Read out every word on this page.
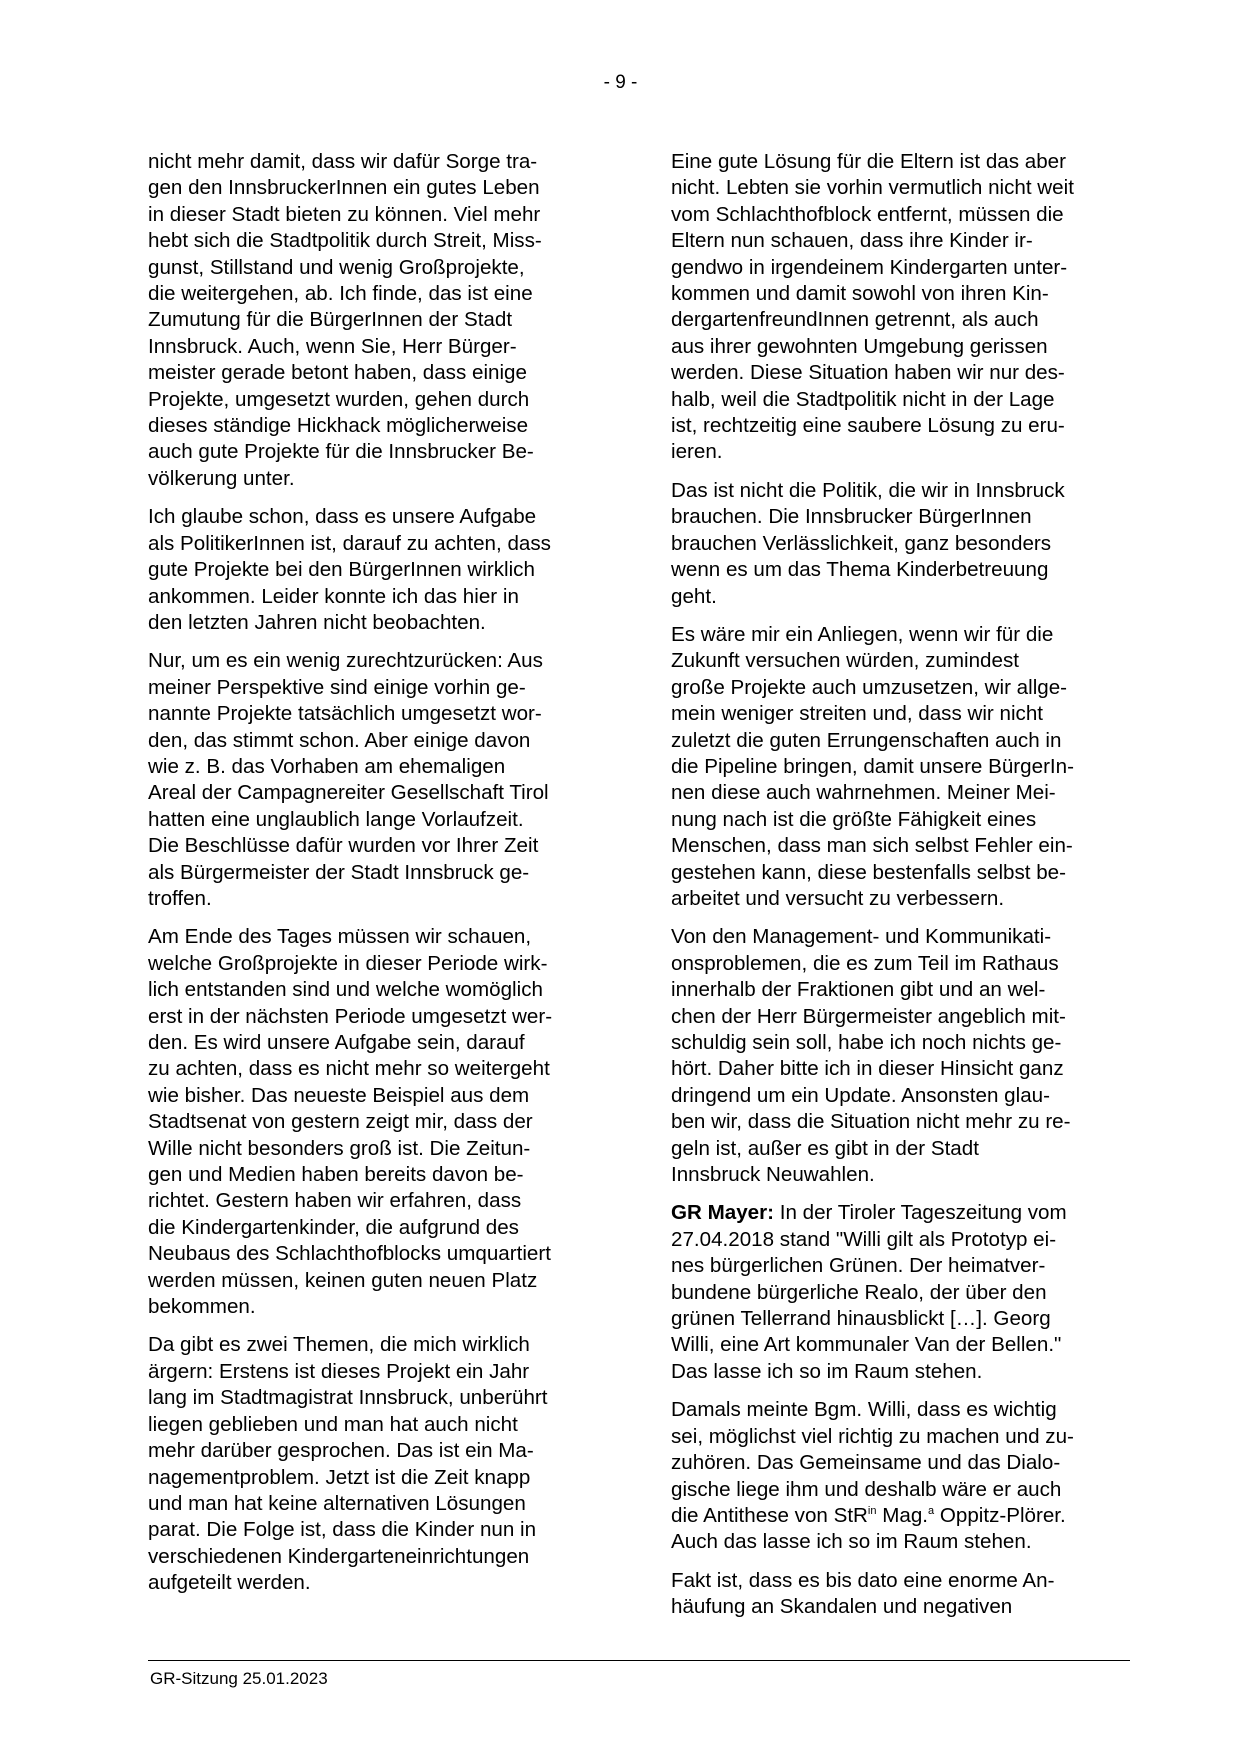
- 9 -
nicht mehr damit, dass wir dafür Sorge tra-
gen den InnsbruckerInnen ein gutes Leben
in dieser Stadt bieten zu können. Viel mehr
hebt sich die Stadtpolitik durch Streit, Miss-
gunst, Stillstand und wenig Großprojekte,
die weitergehen, ab. Ich finde, das ist eine
Zumutung für die BürgerInnen der Stadt
Innsbruck. Auch, wenn Sie, Herr Bürger-
meister gerade betont haben, dass einige
Projekte, umgesetzt wurden, gehen durch
dieses ständige Hickhack möglicherweise
auch gute Projekte für die Innsbrucker Be-
völkerung unter.
Ich glaube schon, dass es unsere Aufgabe
als PolitikerInnen ist, darauf zu achten, dass
gute Projekte bei den BürgerInnen wirklich
ankommen. Leider konnte ich das hier in
den letzten Jahren nicht beobachten.
Nur, um es ein wenig zurechtzurücken: Aus
meiner Perspektive sind einige vorhin ge-
nannte Projekte tatsächlich umgesetzt wor-
den, das stimmt schon. Aber einige davon
wie z. B. das Vorhaben am ehemaligen
Areal der Campagnereiter Gesellschaft Tirol
hatten eine unglaublich lange Vorlaufzeit.
Die Beschlüsse dafür wurden vor Ihrer Zeit
als Bürgermeister der Stadt Innsbruck ge-
troffen.
Am Ende des Tages müssen wir schauen,
welche Großprojekte in dieser Periode wirk-
lich entstanden sind und welche womöglich
erst in der nächsten Periode umgesetzt wer-
den. Es wird unsere Aufgabe sein, darauf
zu achten, dass es nicht mehr so weitergeht
wie bisher. Das neueste Beispiel aus dem
Stadtsenat von gestern zeigt mir, dass der
Wille nicht besonders groß ist. Die Zeitun-
gen und Medien haben bereits davon be-
richtet. Gestern haben wir erfahren, dass
die Kindergartenkinder, die aufgrund des
Neubaus des Schlachthofblocks umquartiert
werden müssen, keinen guten neuen Platz
bekommen.
Da gibt es zwei Themen, die mich wirklich
ärgern: Erstens ist dieses Projekt ein Jahr
lang im Stadtmagistrat Innsbruck, unberührt
liegen geblieben und man hat auch nicht
mehr darüber gesprochen. Das ist ein Ma-
nagementproblem. Jetzt ist die Zeit knapp
und man hat keine alternativen Lösungen
parat. Die Folge ist, dass die Kinder nun in
verschiedenen Kindergarteneinrichtungen
aufgeteilt werden.
Eine gute Lösung für die Eltern ist das aber
nicht. Lebten sie vorhin vermutlich nicht weit
vom Schlachthofblock entfernt, müssen die
Eltern nun schauen, dass ihre Kinder ir-
gendwo in irgendeinem Kindergarten unter-
kommen und damit sowohl von ihren Kin-
dergartenfreundInnen getrennt, als auch
aus ihrer gewohnten Umgebung gerissen
werden. Diese Situation haben wir nur des-
halb, weil die Stadtpolitik nicht in der Lage
ist, rechtzeitig eine saubere Lösung zu eru-
ieren.
Das ist nicht die Politik, die wir in Innsbruck
brauchen. Die Innsbrucker BürgerInnen
brauchen Verlässlichkeit, ganz besonders
wenn es um das Thema Kinderbetreuung
geht.
Es wäre mir ein Anliegen, wenn wir für die
Zukunft versuchen würden, zumindest
große Projekte auch umzusetzen, wir allge-
mein weniger streiten und, dass wir nicht
zuletzt die guten Errungenschaften auch in
die Pipeline bringen, damit unsere BürgerIn-
nen diese auch wahrnehmen. Meiner Mei-
nung nach ist die größte Fähigkeit eines
Menschen, dass man sich selbst Fehler ein-
gestehen kann, diese bestenfalls selbst be-
arbeitet und versucht zu verbessern.
Von den Management- und Kommunikati-
onsproblemen, die es zum Teil im Rathaus
innerhalb der Fraktionen gibt und an wel-
chen der Herr Bürgermeister angeblich mit-
schuldig sein soll, habe ich noch nichts ge-
hört. Daher bitte ich in dieser Hinsicht ganz
dringend um ein Update. Ansonsten glau-
ben wir, dass die Situation nicht mehr zu re-
geln ist, außer es gibt in der Stadt
Innsbruck Neuwahlen.
GR Mayer: In der Tiroler Tageszeitung vom
27.04.2018 stand "Willi gilt als Prototyp ei-
nes bürgerlichen Grünen. Der heimatver-
bundene bürgerliche Realo, der über den
grünen Tellerrand hinausblickt […]. Georg
Willi, eine Art kommunaler Van der Bellen."
Das lasse ich so im Raum stehen.
Damals meinte Bgm. Willi, dass es wichtig
sei, möglichst viel richtig zu machen und zu-
zuhören. Das Gemeinsame und das Dialo-
gische liege ihm und deshalb wäre er auch
die Antithese von StR$^{in}$ Mag.$^a$ Oppitz-Plörer.
Auch das lasse ich so im Raum stehen.
Fakt ist, dass es bis dato eine enorme An-
häufung an Skandalen und negativen
GR-Sitzung 25.01.2023
